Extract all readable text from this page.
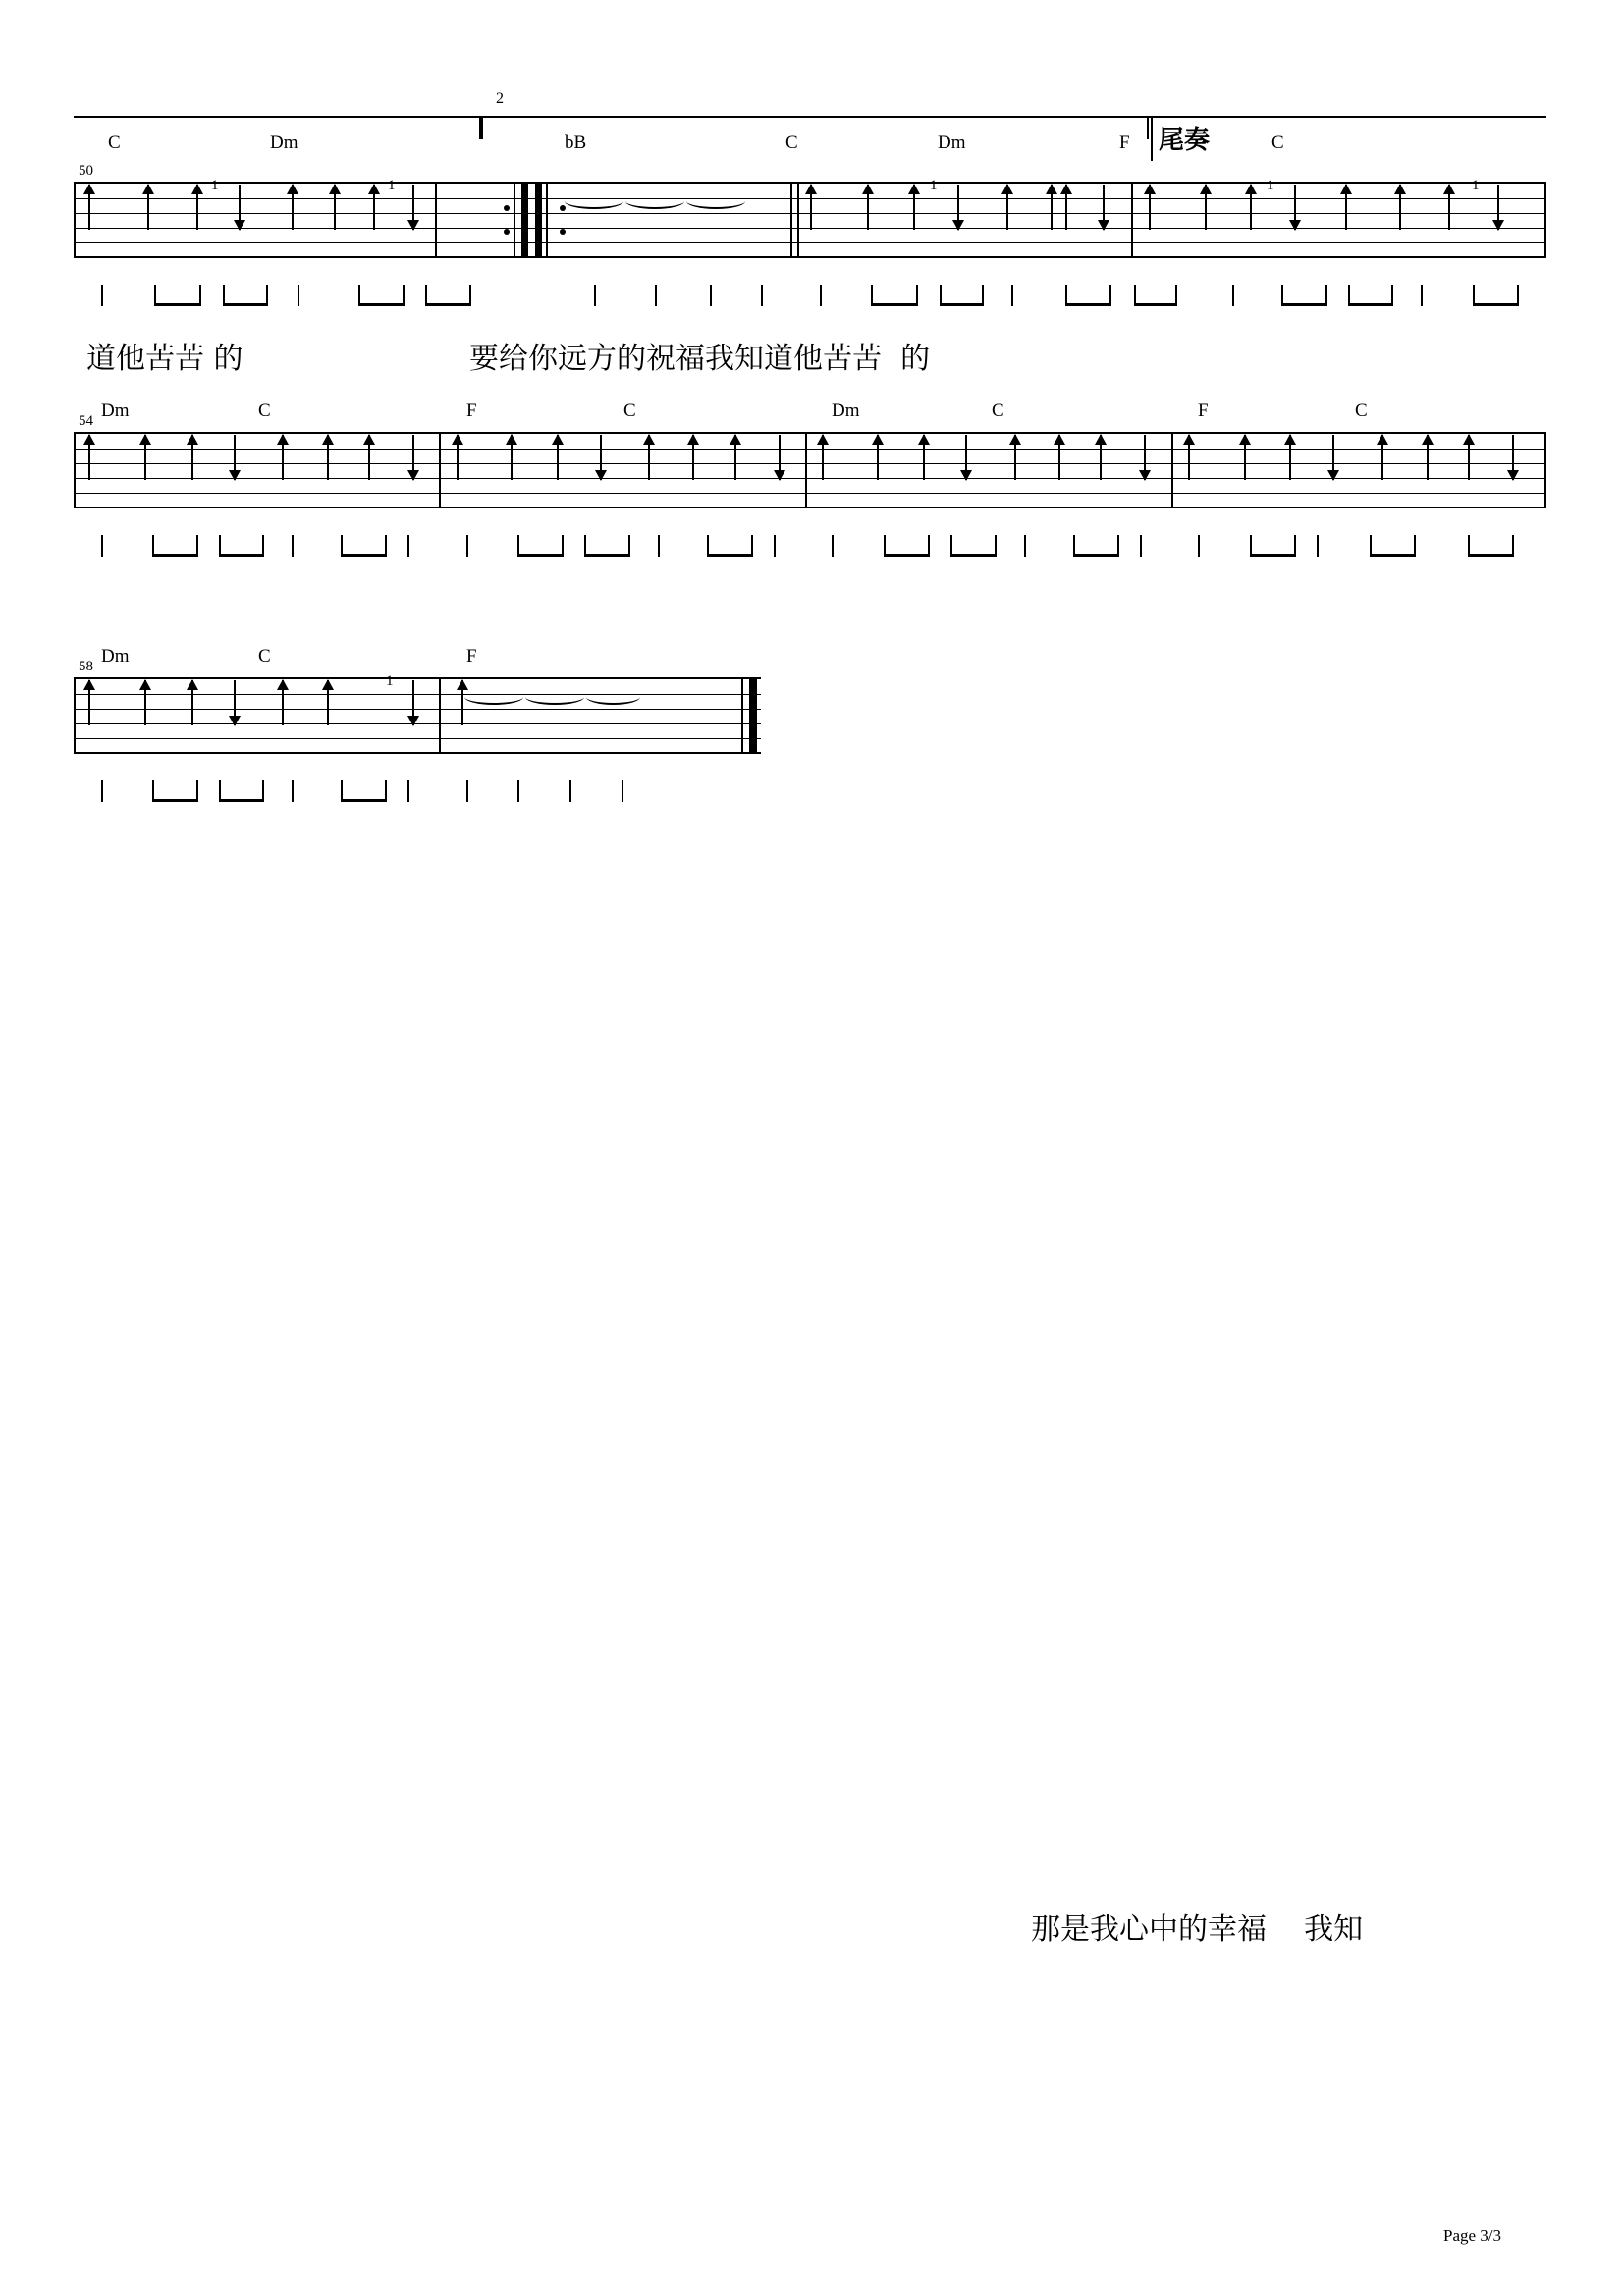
50
C	Dm	bB	C	Dm	F	C
1	1	1	1	1
2
尾奏
道他苦苦 的	要给你远方的祝福我知道他苦苦  的
54 Dm	C	F	C	Dm	C	F	C
58 Dm	C	F
1
那是我心中的幸福    我知
Page 3/3
